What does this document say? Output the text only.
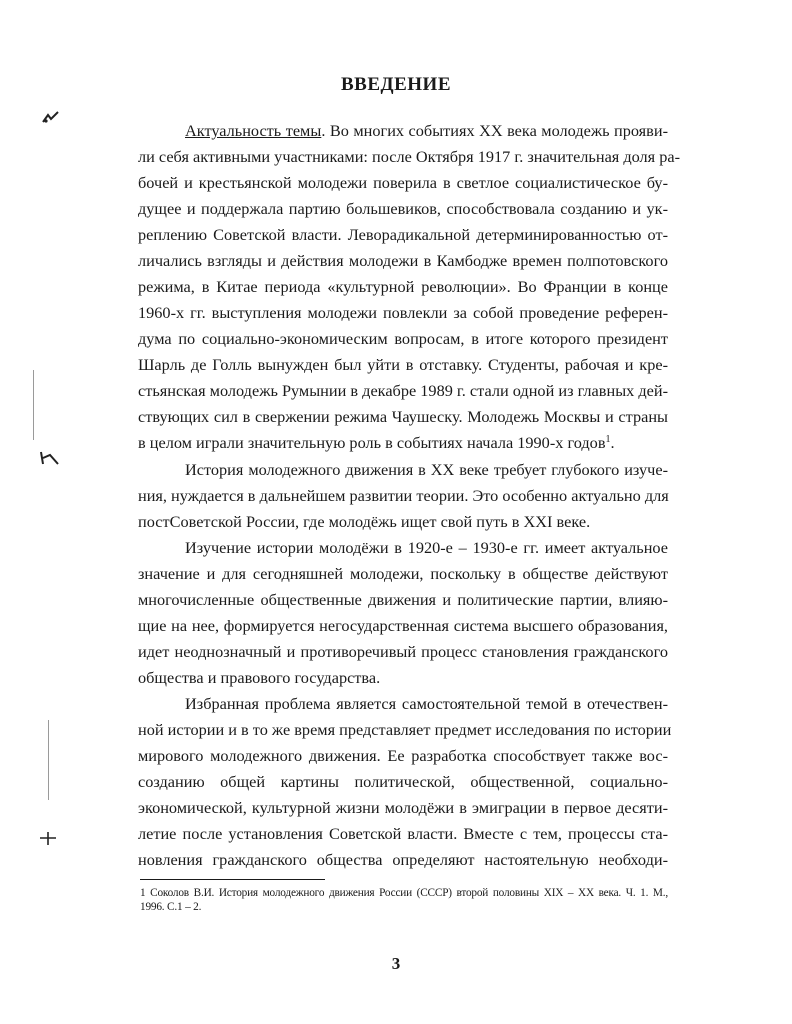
ВВЕДЕНИЕ
Актуальность темы. Во многих событиях ХХ века молодежь прояви-
ли себя активными участниками: после Октября 1917 г. значительная доля ра-
бочей и крестьянской молодежи поверила в светлое социалистическое бу-
дущее и поддержала партию большевиков, способствовала созданию и ук-
реплению Советской власти. Леворадикальной детерминированностью от-
личались взгляды и действия молодежи в Камбодже времен полпотовского
режима, в Китае периода «культурной революции». Во Франции в конце
1960-х гг. выступления молодежи повлекли за собой проведение референ-
дума по социально-экономическим вопросам, в итоге которого президент
Шарль де Голль вынужден был уйти в отставку. Студенты, рабочая и кре-
стьянская молодежь Румынии в декабре 1989 г. стали одной из главных дей-
ствующих сил в свержении режима Чаушеску. Молодежь Москвы и страны
в целом играли значительную роль в событиях начала 1990-х годов$^1$.
История молодежного движения в ХХ веке требует глубокого изуче-
ния, нуждается в дальнейшем развитии теории. Это особенно актуально для
постСоветской России, где молодёжь ищет свой путь в XXI веке.
Изучение истории молодёжи в 1920-е – 1930-е гг. имеет актуальное
значение и для сегодняшней молодежи, поскольку в обществе действуют
многочисленные общественные движения и политические партии, влияю-
щие на нее, формируется негосударственная система высшего образования,
идет неоднозначный и противоречивый процесс становления гражданского
общества и правового государства.
Избранная проблема является самостоятельной темой в отечествен-
ной истории и в то же время представляет предмет исследования по истории
мирового молодежного движения. Ее разработка способствует также вос-
созданию общей картины политической, общественной, социально-
экономической, культурной жизни молодёжи в эмиграции в первое десяти-
летие после установления Советской власти. Вместе с тем, процессы ста-
новления гражданского общества определяют настоятельную необходи-
1 Соколов В.И. История молодежного движения России (СССР) второй половины XIX – XX века. Ч. 1. М.,
1996. С.1 – 2.
3
